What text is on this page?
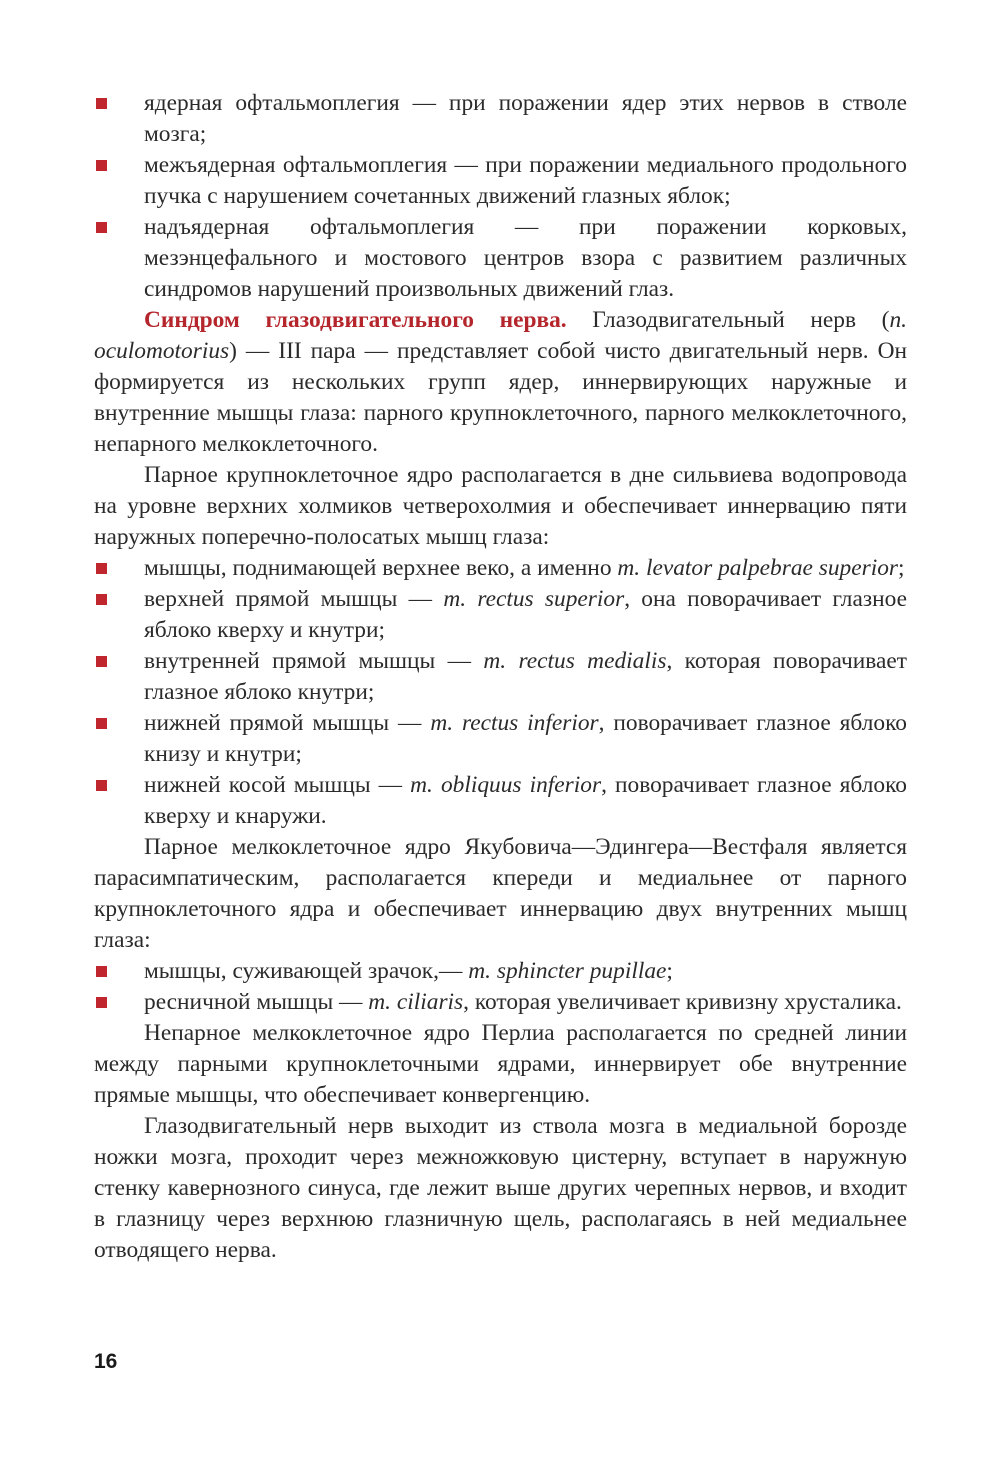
ядерная офтальмоплегия — при поражении ядер этих нервов в стволе мозга;
межъядерная офтальмоплегия — при поражении медиального продольного пучка с нарушением сочетанных движений глазных яблок;
надъядерная офтальмоплегия — при поражении корковых, мезэнцефального и мостового центров взора с развитием различных синдромов нарушений произвольных движений глаз.

Синдром глазодвигательного нерва. Глазодвигательный нерв (n. oculomotorius) — III пара — представляет собой чисто двигательный нерв. Он формируется из нескольких групп ядер, иннервирующих наружные и внутренние мышцы глаза: парного крупноклеточного, парного мелкоклеточного, непарного мелкоклеточного.

Парное крупноклеточное ядро располагается в дне сильвиева водопровода на уровне верхних холмиков четверохолмия и обеспечивает иннервацию пяти наружных поперечно-полосатых мышц глаза:

мышцы, поднимающей верхнее веко, а именно m. levator palpebrae superior;
верхней прямой мышцы — m. rectus superior, она поворачивает глазное яблоко кверху и кнутри;
внутренней прямой мышцы — m. rectus medialis, которая поворачивает глазное яблоко кнутри;
нижней прямой мышцы — m. rectus inferior, поворачивает глазное яблоко книзу и кнутри;
нижней косой мышцы — m. obliquus inferior, поворачивает глазное яблоко кверху и кнаружи.

Парное мелкоклеточное ядро Якубовича—Эдингера—Вестфаля является парасимпатическим, располагается кпереди и медиальнее от парного крупноклеточного ядра и обеспечивает иннервацию двух внутренних мышц глаза:

мышцы, суживающей зрачок,— m. sphincter pupillae;
ресничной мышцы — m. ciliaris, которая увеличивает кривизну хрусталика.

Непарное мелкоклеточное ядро Перлиа располагается по средней линии между парными крупноклеточными ядрами, иннервирует обе внутренние прямые мышцы, что обеспечивает конвергенцию.

Глазодвигательный нерв выходит из ствола мозга в медиальной борозде ножки мозга, проходит через межножковую цистерну, вступает в наружную стенку кавернозного синуса, где лежит выше других черепных нервов, и входит в глазницу через верхнюю глазничную щель, располагаясь в ней медиальнее отводящего нерва.

16
